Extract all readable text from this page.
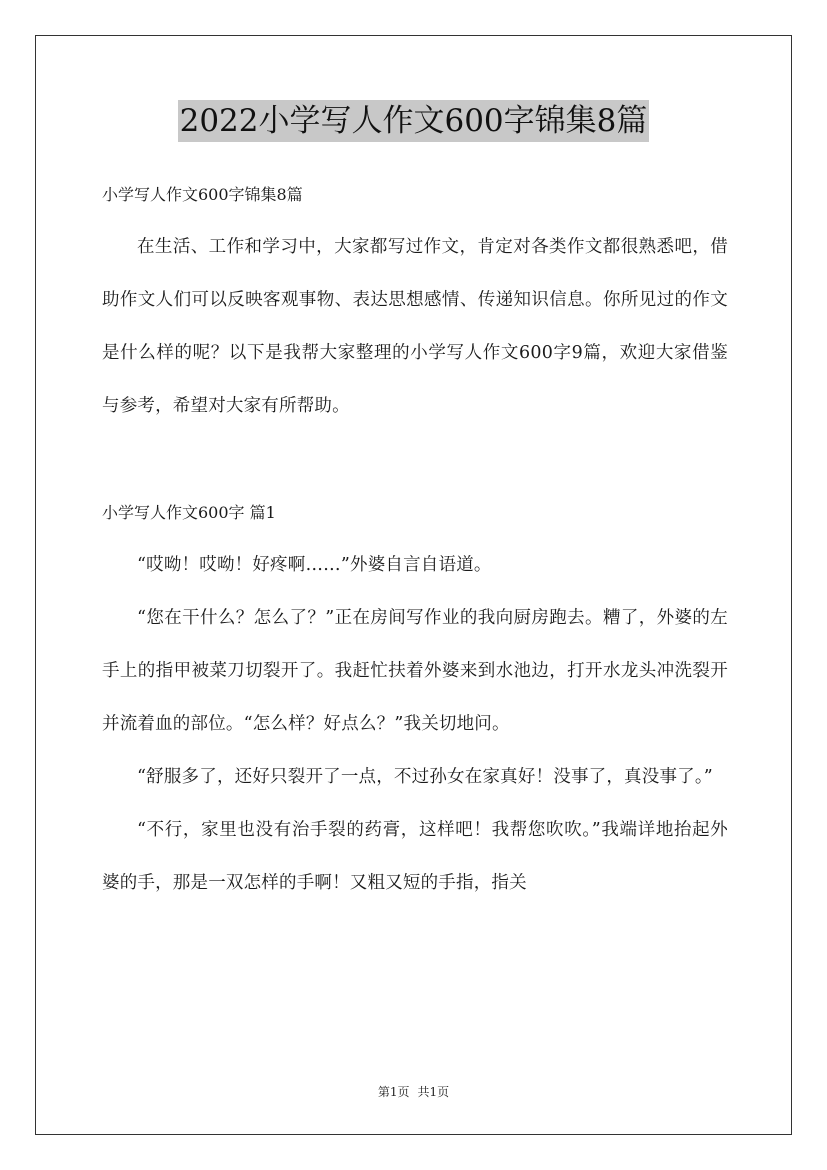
2022小学写人作文600字锦集8篇

小学写人作文600字锦集8篇

在生活、工作和学习中，大家都写过作文，肯定对各类作文都很熟悉吧，借助作文人们可以反映客观事物、表达思想感情、传递知识信息。你所见过的作文是什么样的呢？以下是我帮大家整理的小学写人作文600字9篇，欢迎大家借鉴与参考，希望对大家有所帮助。

小学写人作文600字 篇1

“哎呦！哎呦！好疼啊……”外婆自言自语道。

“您在干什么？怎么了？”正在房间写作业的我向厨房跑去。糟了，外婆的左手上的指甲被菜刀切裂开了。我赶忙扶着外婆来到水池边，打开水龙头冲洗裂开并流着血的部位。“怎么样？好点么？”我关切地问。

“舒服多了，还好只裂开了一点，不过孙女在家真好！没事了，真没事了。”

“不行，家里也没有治手裂的药膏，这样吧！我帮您吹吹。”我端详地抬起外婆的手，那是一双怎样的手啊！又粗又短的手指，指关

第1页 共1页
